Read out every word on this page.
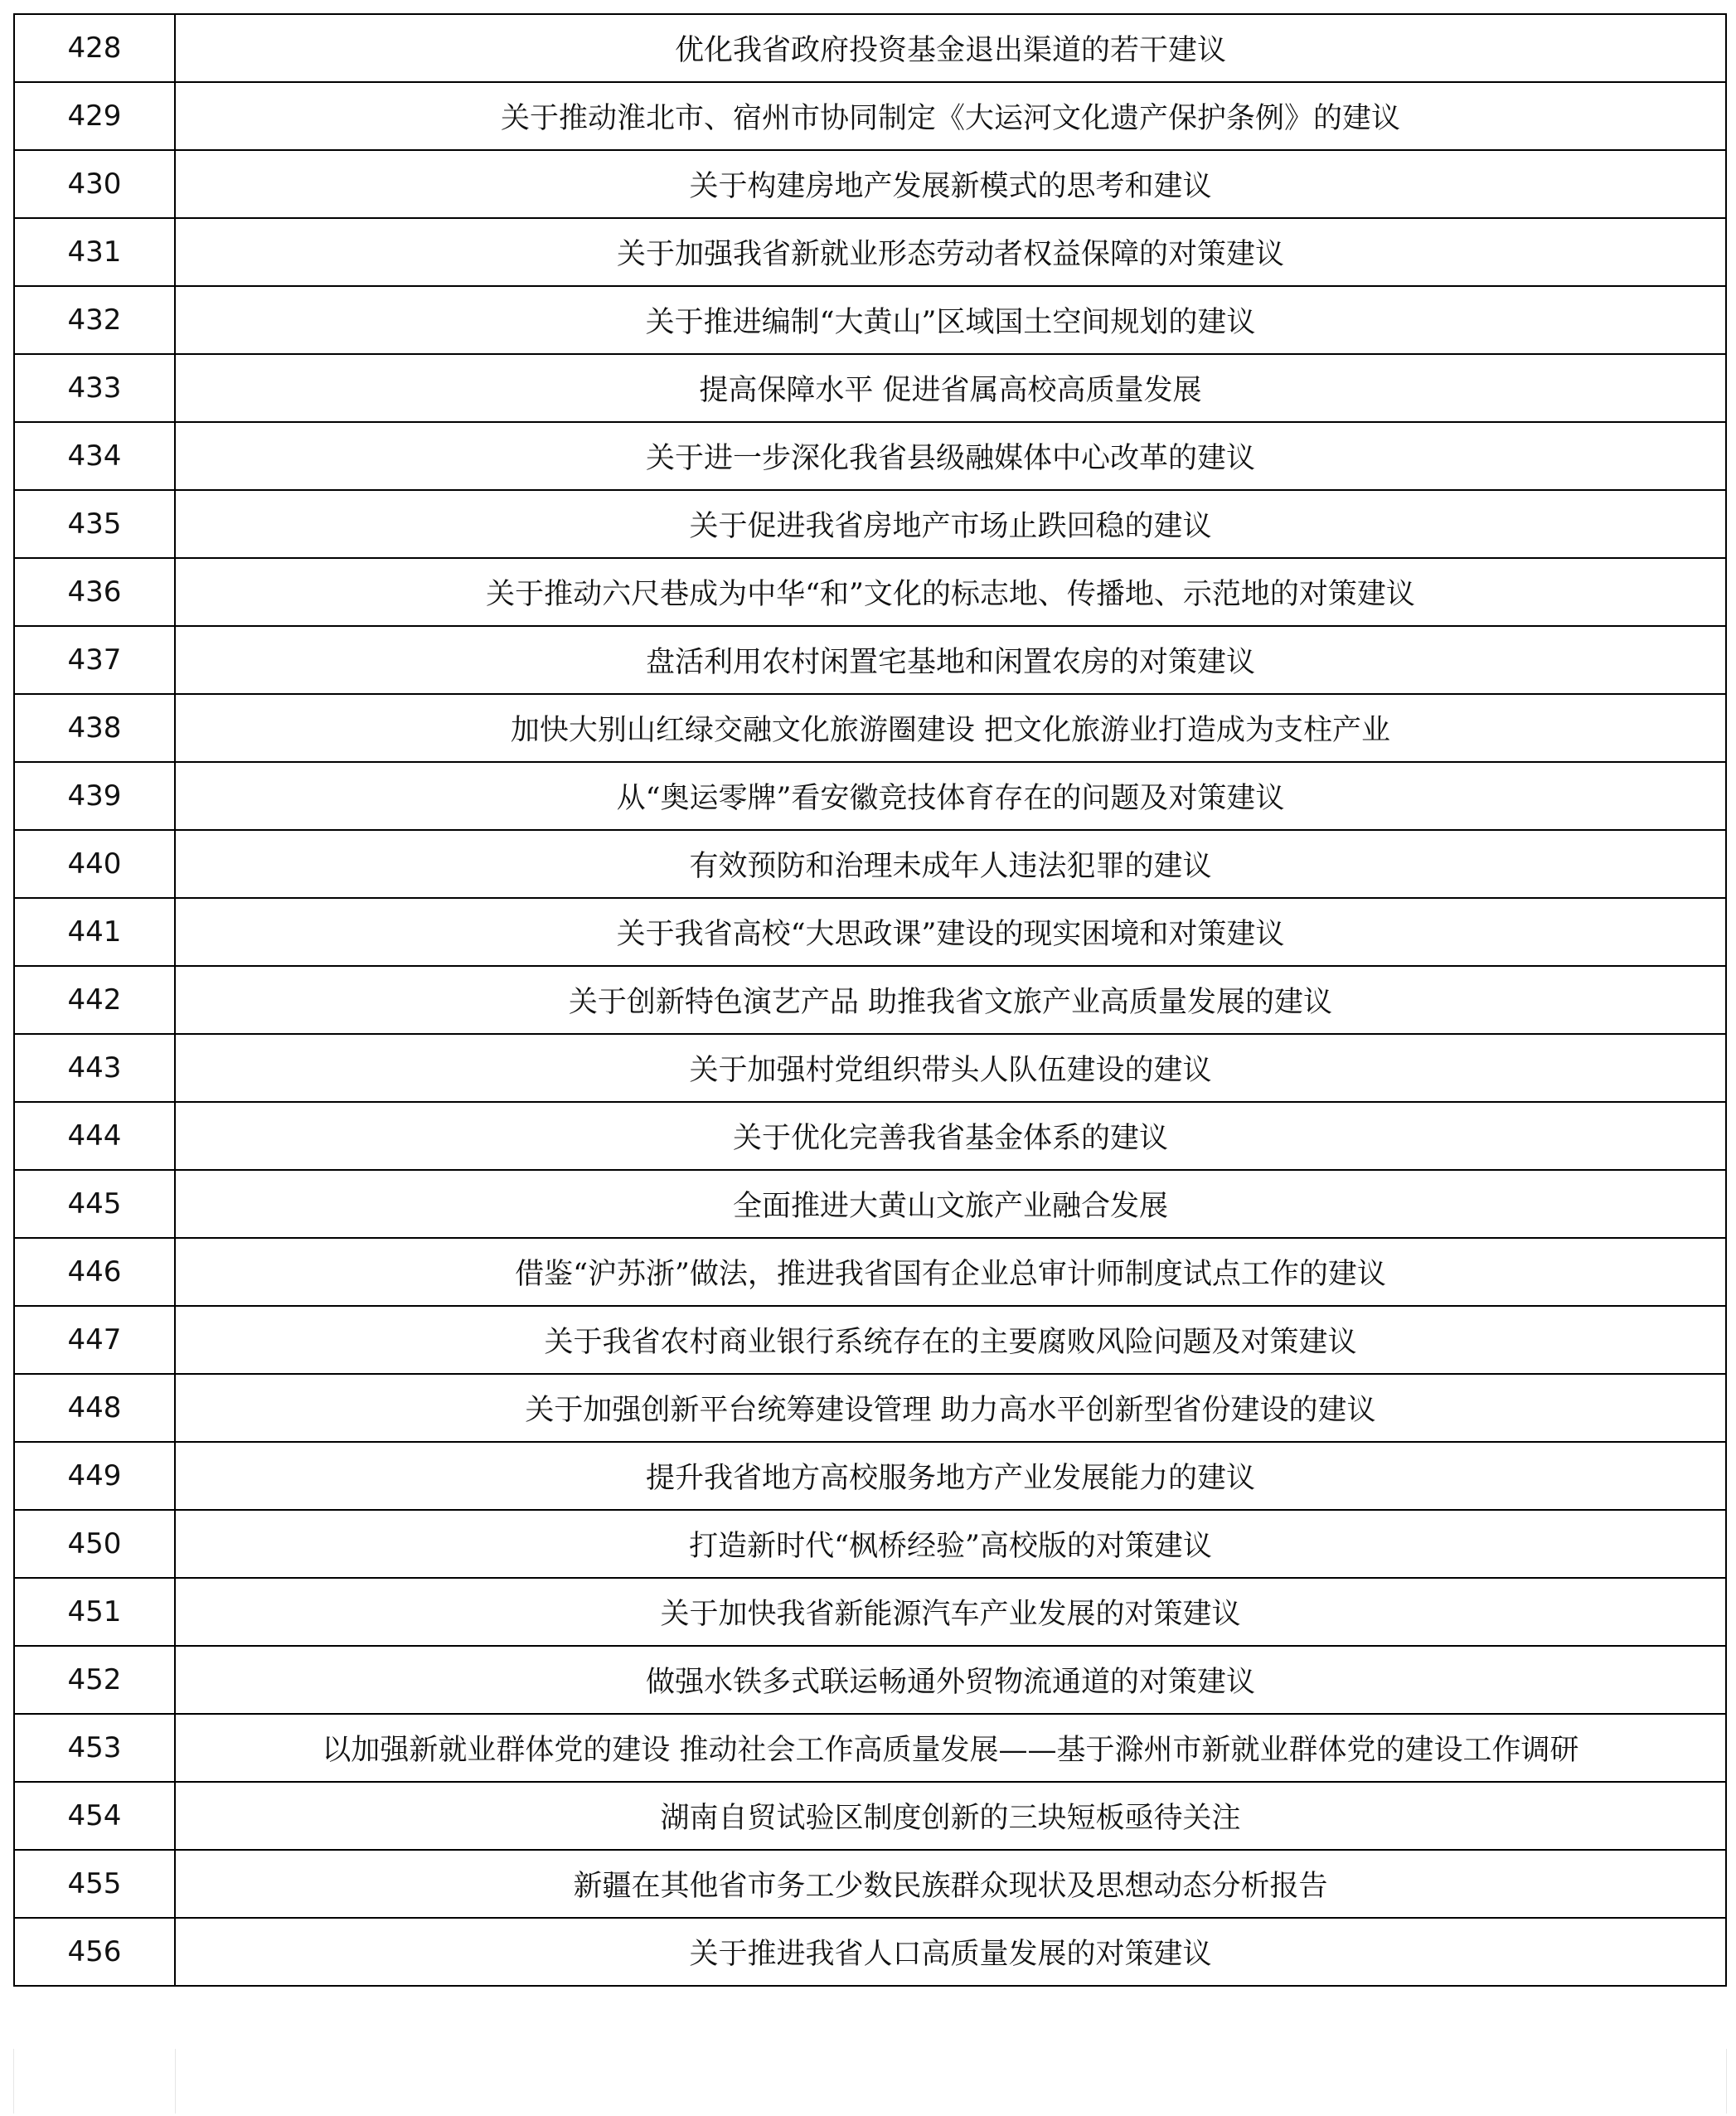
428	优化我省政府投资基金退出渠道的若干建议
429	关于推动淮北市、宿州市协同制定《大运河文化遗产保护条例》的建议
430	关于构建房地产发展新模式的思考和建议
431	关于加强我省新就业形态劳动者权益保障的对策建议
432	关于推进编制“大黄山”区域国土空间规划的建议
433	提高保障水平 促进省属高校高质量发展
434	关于进一步深化我省县级融媒体中心改革的建议
435	关于促进我省房地产市场止跌回稳的建议
436	关于推动六尺巷成为中华“和”文化的标志地、传播地、示范地的对策建议
437	盘活利用农村闲置宅基地和闲置农房的对策建议
438	加快大别山红绿交融文化旅游圈建设 把文化旅游业打造成为支柱产业
439	从“奥运零牌”看安徽竞技体育存在的问题及对策建议
440	有效预防和治理未成年人违法犯罪的建议
441	关于我省高校“大思政课”建设的现实困境和对策建议
442	关于创新特色演艺产品 助推我省文旅产业高质量发展的建议
443	关于加强村党组织带头人队伍建设的建议
444	关于优化完善我省基金体系的建议
445	全面推进大黄山文旅产业融合发展
446	借鉴“沪苏浙”做法，推进我省国有企业总审计师制度试点工作的建议
447	关于我省农村商业银行系统存在的主要腐败风险问题及对策建议
448	关于加强创新平台统筹建设管理 助力高水平创新型省份建设的建议
449	提升我省地方高校服务地方产业发展能力的建议
450	打造新时代“枫桥经验”高校版的对策建议
451	关于加快我省新能源汽车产业发展的对策建议
452	做强水铁多式联运畅通外贸物流通道的对策建议
453	以加强新就业群体党的建设 推动社会工作高质量发展——基于滁州市新就业群体党的建设工作调研
454	湖南自贸试验区制度创新的三块短板亟待关注
455	新疆在其他省市务工少数民族群众现状及思想动态分析报告
456	关于推进我省人口高质量发展的对策建议
